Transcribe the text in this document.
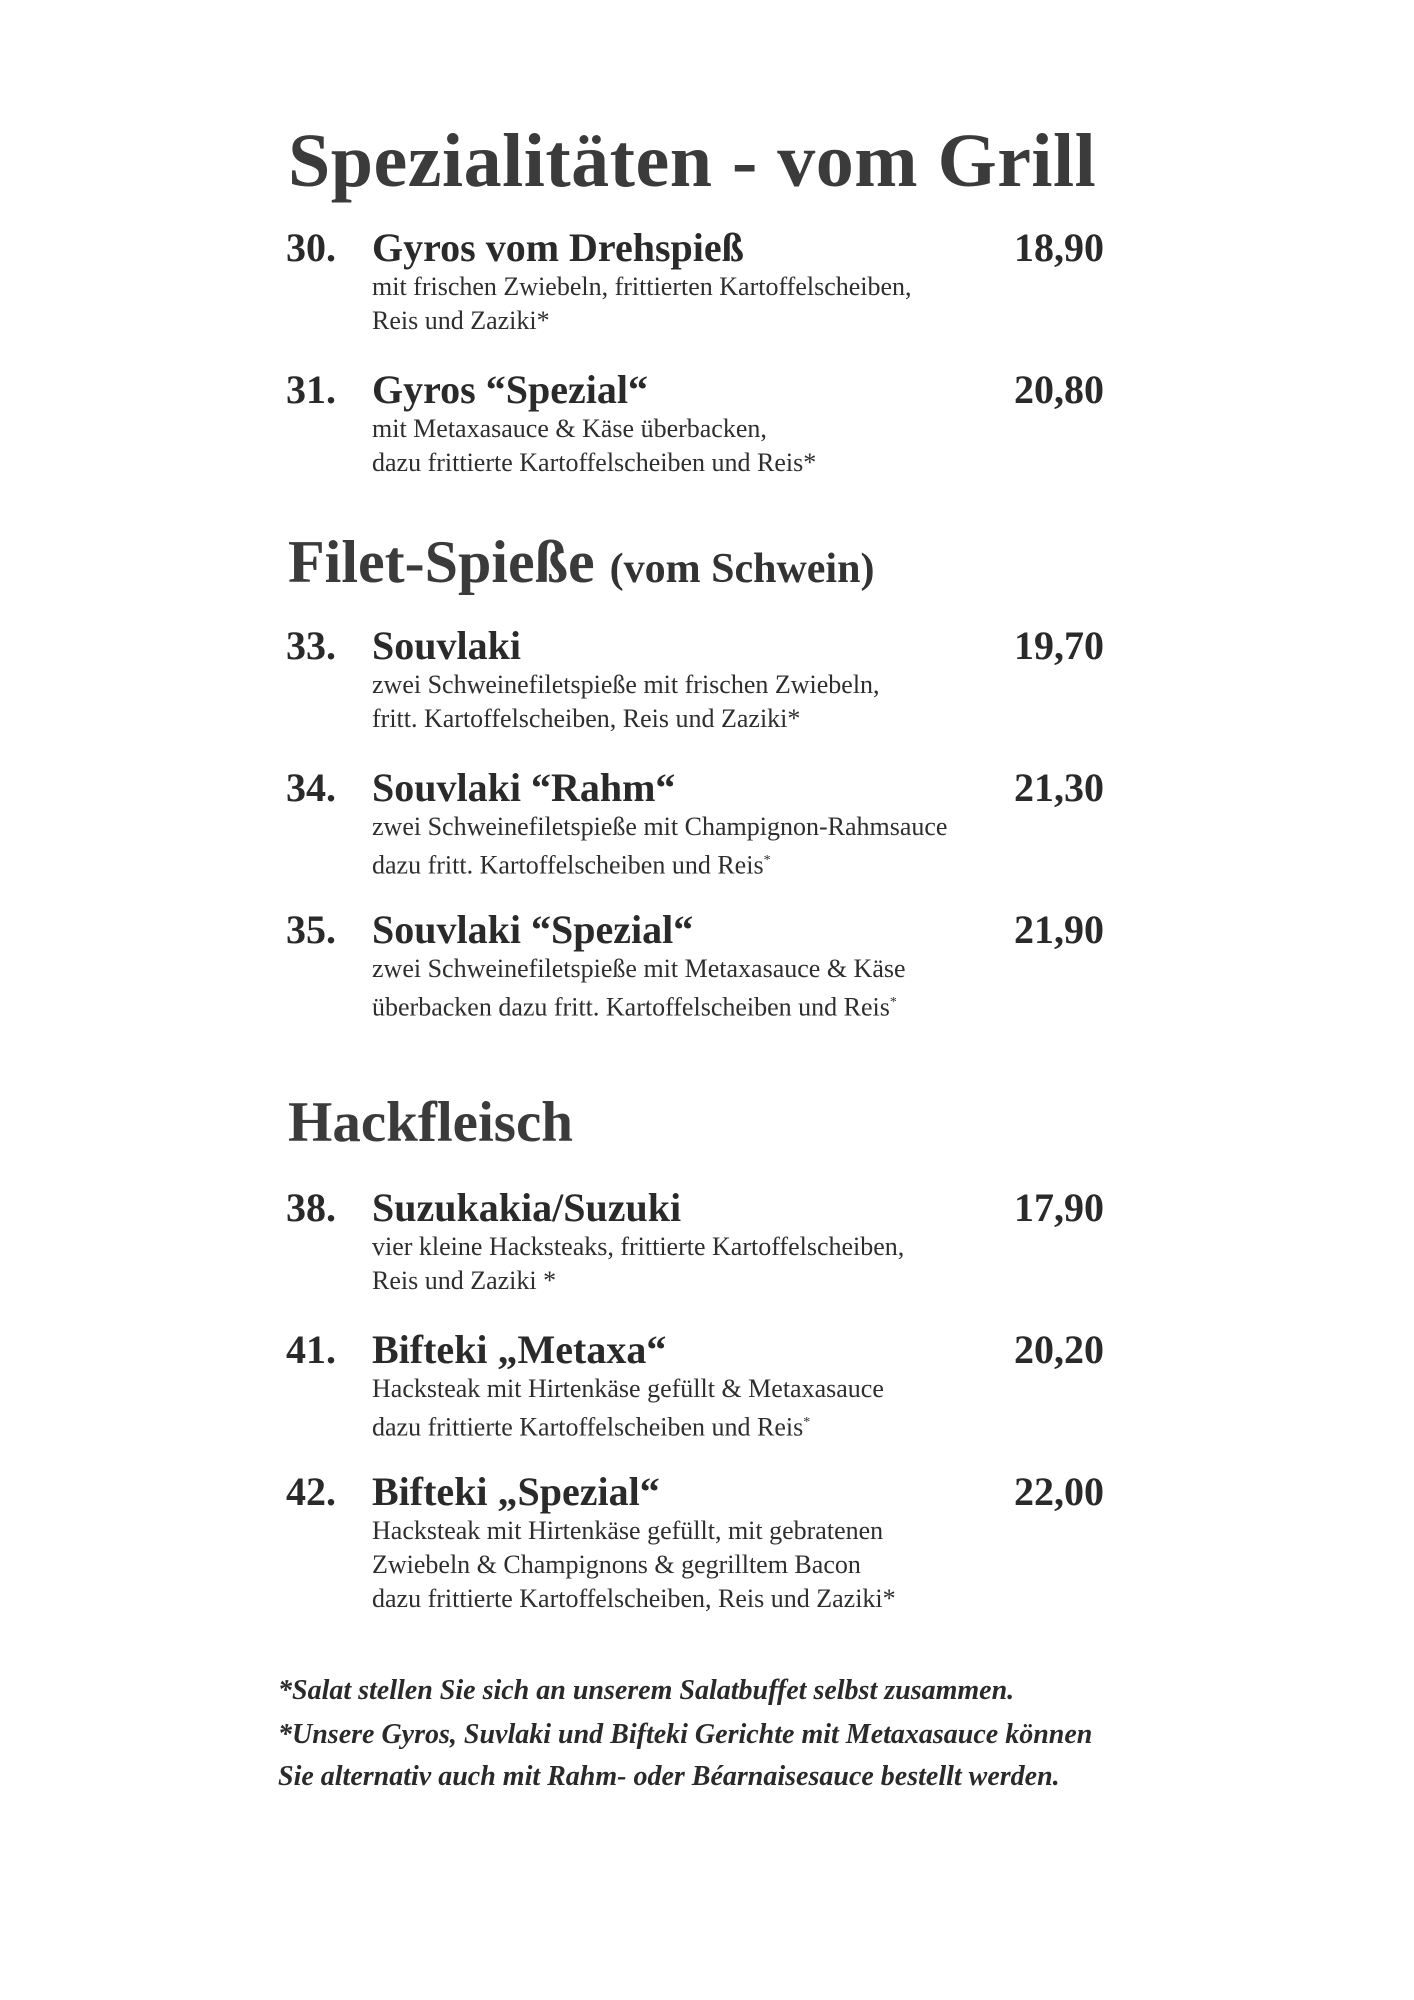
Spezialitäten - vom Grill
30. Gyros vom Drehspieß	18,90
mit frischen Zwiebeln, frittierten Kartoffelscheiben,
Reis und Zaziki*
31. Gyros “Spezial“	20,80
mit Metaxasauce & Käse überbacken,
dazu frittierte Kartoffelscheiben und Reis*
Filet-Spieße (vom Schwein)
33. Souvlaki	19,70
zwei Schweinefiletspieße mit frischen Zwiebeln,
fritt. Kartoffelscheiben, Reis und Zaziki*
34. Souvlaki “Rahm“	21,30
zwei Schweinefiletspieße mit Champignon-Rahmsauce
dazu fritt. Kartoffelscheiben und Reis*
35. Souvlaki “Spezial“	21,90
zwei Schweinefiletspieße mit Metaxasauce & Käse
überbacken dazu fritt. Kartoffelscheiben und Reis*
Hackfleisch
38. Suzukakia/Suzuki	17,90
vier kleine Hacksteaks, frittierte Kartoffelscheiben,
Reis und Zaziki *
41. Bifteki „Metaxa“	20,20
Hacksteak mit Hirtenkäse gefüllt & Metaxasauce
dazu frittierte Kartoffelscheiben und Reis*
42. Bifteki „Spezial“	22,00
Hacksteak mit Hirtenkäse gefüllt, mit gebratenen
Zwiebeln & Champignons & gegrilltem Bacon
dazu frittierte Kartoffelscheiben, Reis und Zaziki*
*Salat stellen Sie sich an unserem Salatbuffet selbst zusammen.
*Unsere Gyros, Suvlaki und Bifteki Gerichte mit Metaxasauce können
Sie alternativ auch mit Rahm- oder Béarnaisesauce bestellt werden.
